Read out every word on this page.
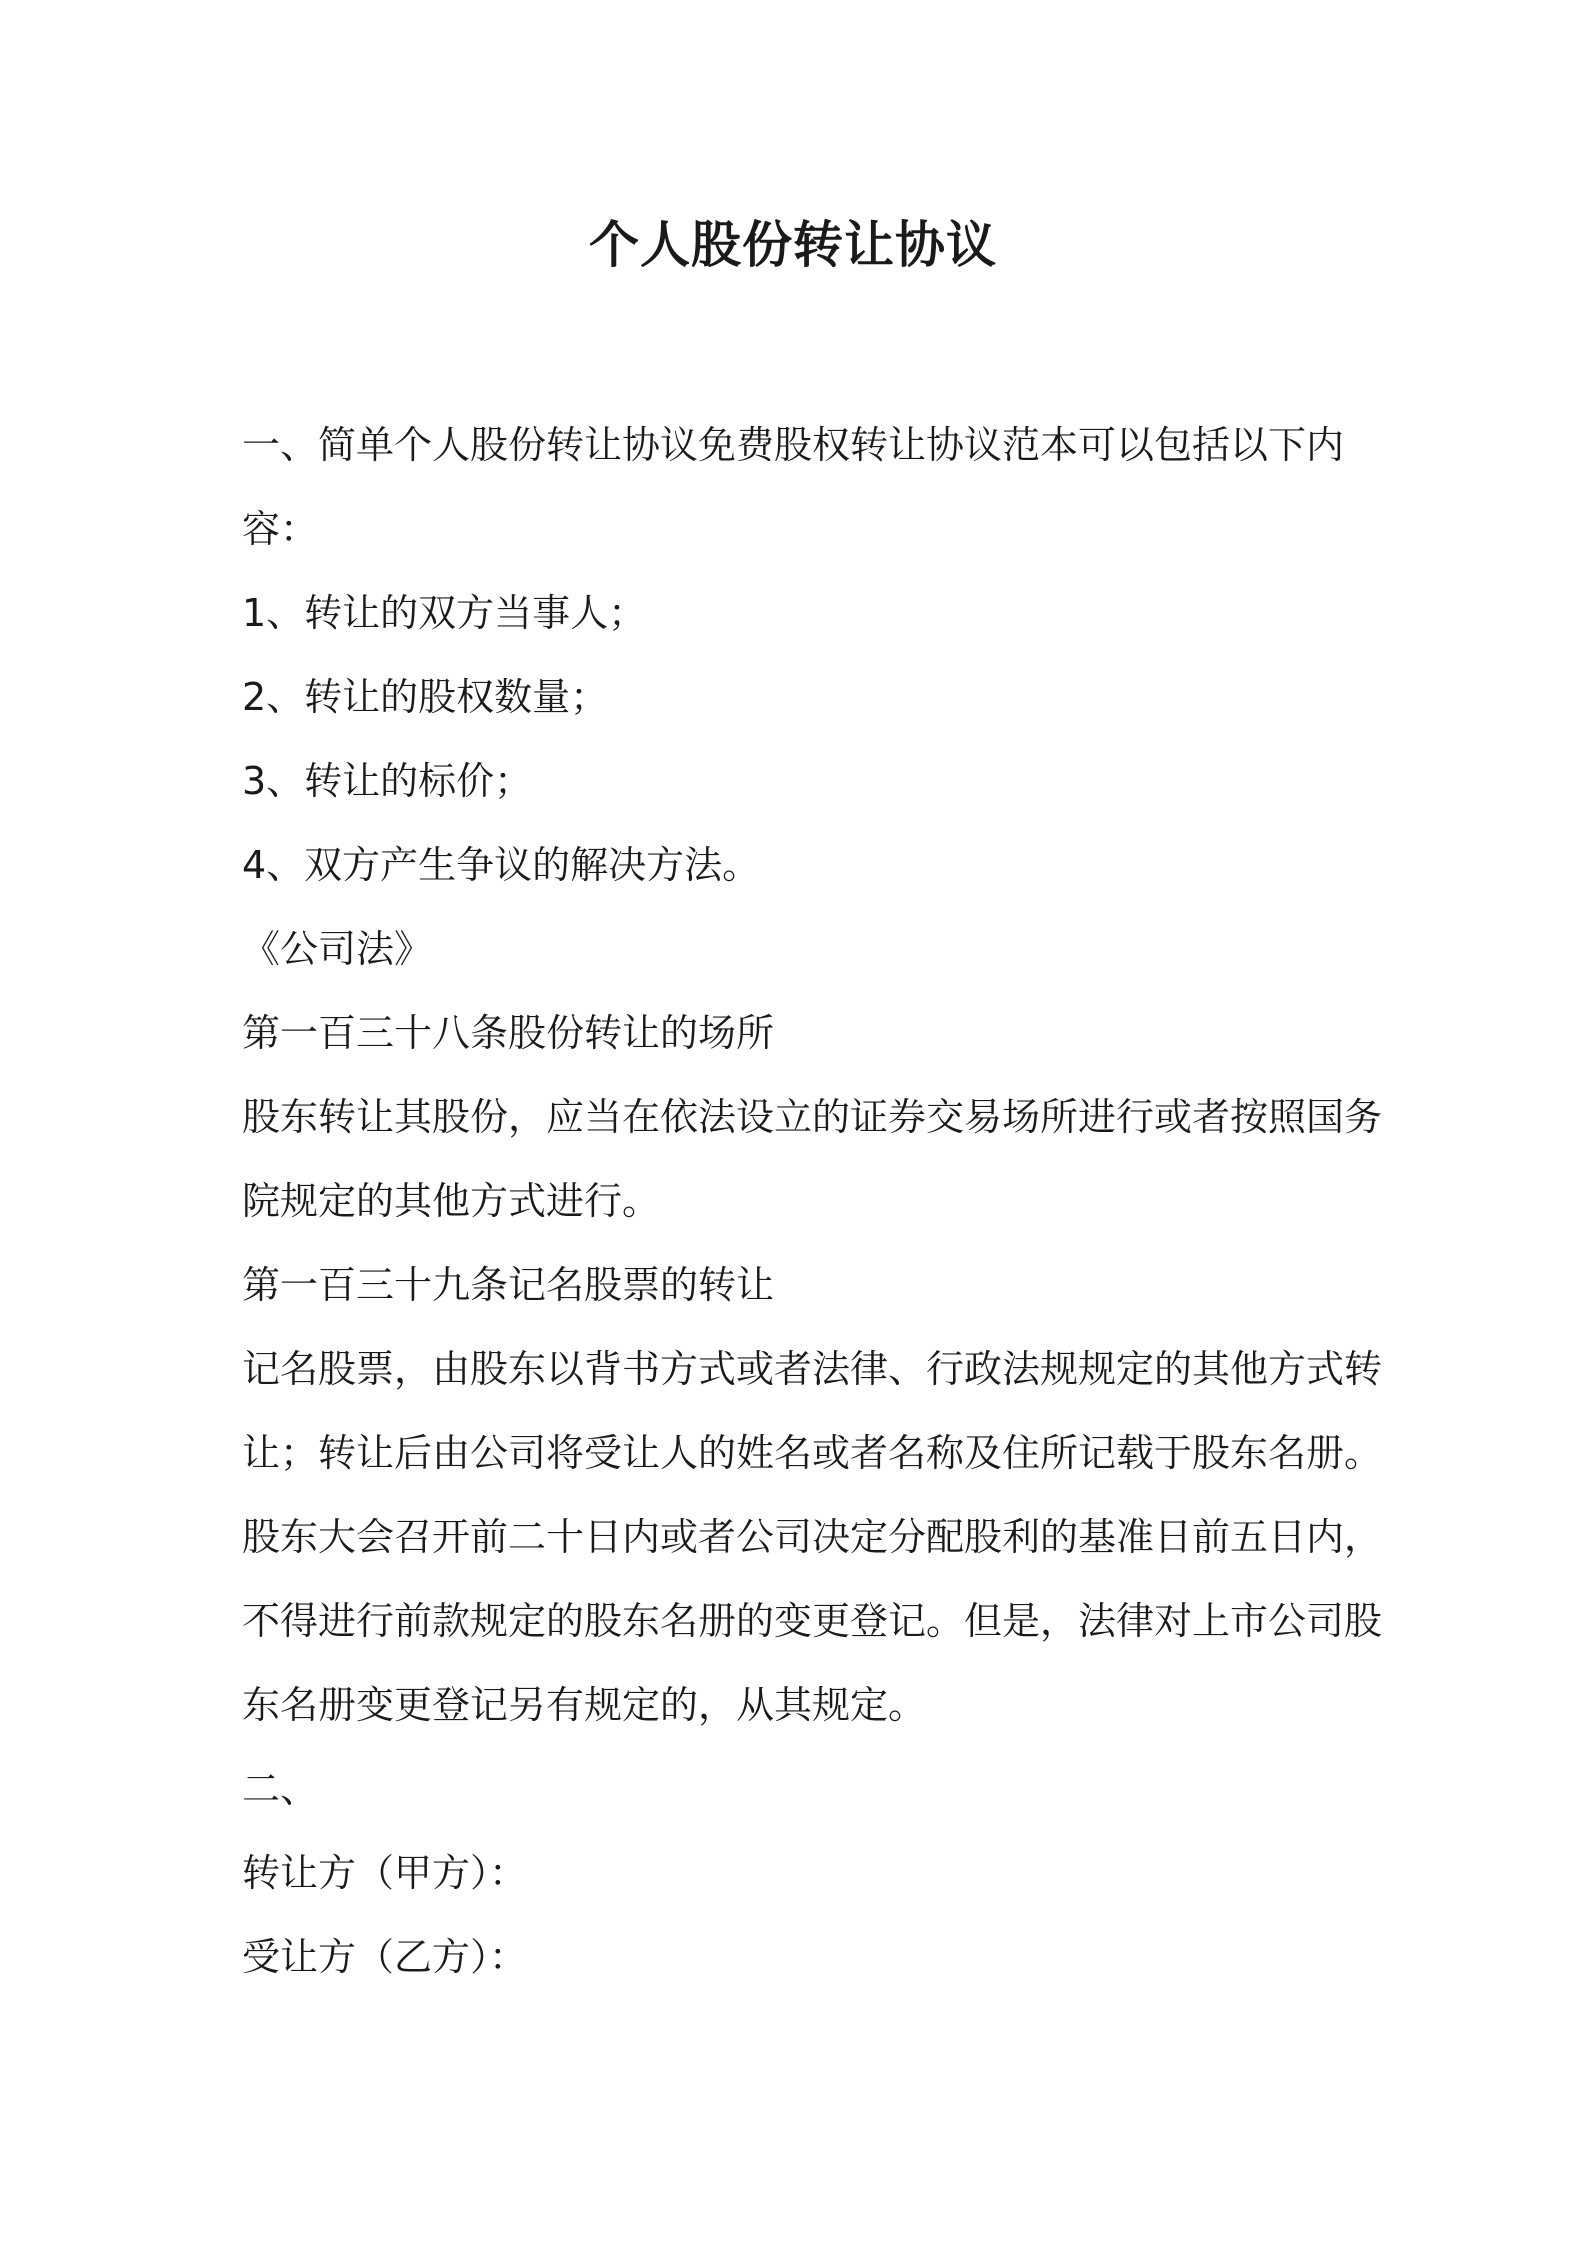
个人股份转让协议

一、简单个人股份转让协议免费股权转让协议范本可以包括以下内

容：

1、转让的双方当事人；

2、转让的股权数量；

3、转让的标价；

4、双方产生争议的解决方法。

《公司法》

第一百三十八条股份转让的场所

股东转让其股份，应当在依法设立的证券交易场所进行或者按照国务

院规定的其他方式进行。

第一百三十九条记名股票的转让

记名股票，由股东以背书方式或者法律、行政法规规定的其他方式转

让；转让后由公司将受让人的姓名或者名称及住所记载于股东名册。

股东大会召开前二十日内或者公司决定分配股利的基准日前五日内，

不得进行前款规定的股东名册的变更登记。但是，法律对上市公司股

东名册变更登记另有规定的，从其规定。

二、

转让方（甲方）：

受让方（乙方）：
